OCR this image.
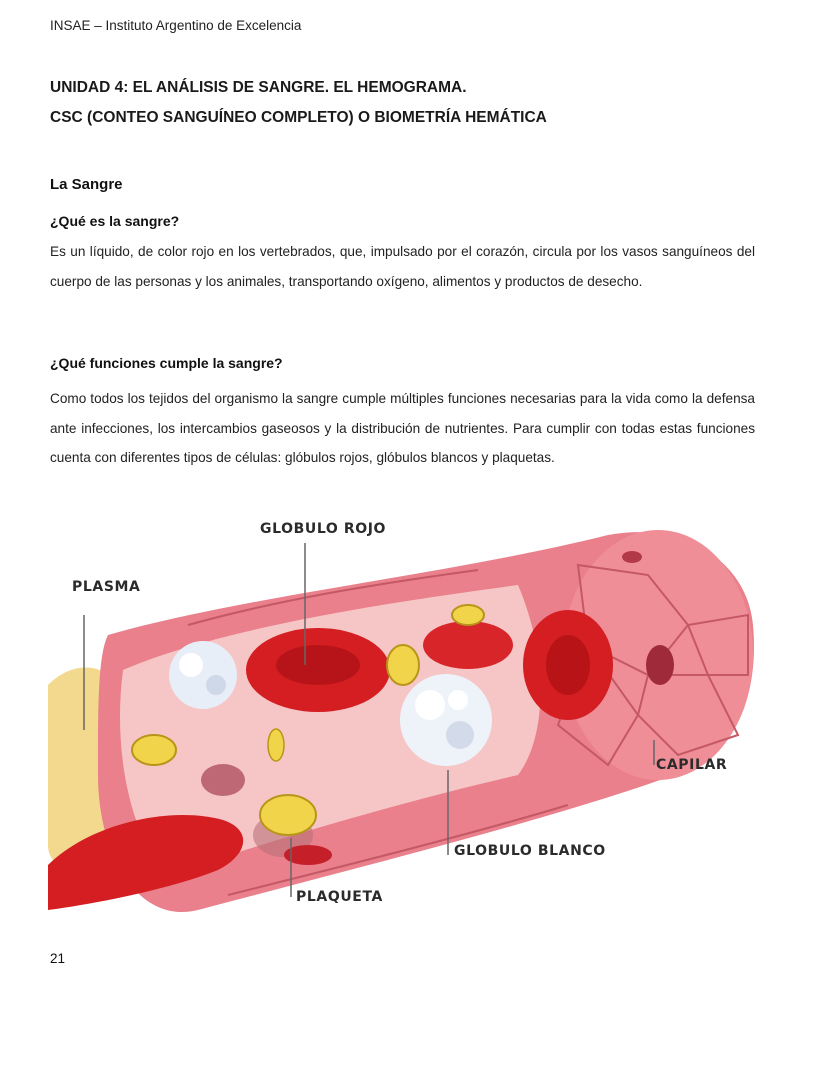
INSAE – Instituto Argentino de Excelencia
UNIDAD 4: EL ANÁLISIS DE SANGRE. EL HEMOGRAMA.
CSC (CONTEO SANGUÍNEO COMPLETO) O BIOMETRÍA HEMÁTICA
La Sangre
¿Qué es la sangre?
Es un líquido, de color rojo en los vertebrados, que, impulsado por el corazón, circula por los vasos sanguíneos del cuerpo de las personas y los animales, transportando oxígeno, alimentos y productos de desecho.
¿Qué funciones cumple la sangre?
Como todos los tejidos del organismo la sangre cumple múltiples funciones necesarias para la vida como la defensa ante infecciones, los intercambios gaseosos y la distribución de nutrientes. Para cumplir con todas estas funciones cuenta con diferentes tipos de células: glóbulos rojos, glóbulos blancos y plaquetas.
GLOBULO ROJO
PLASMA
CAPILAR
GLOBULO BLANCO
PLAQUETA
21
